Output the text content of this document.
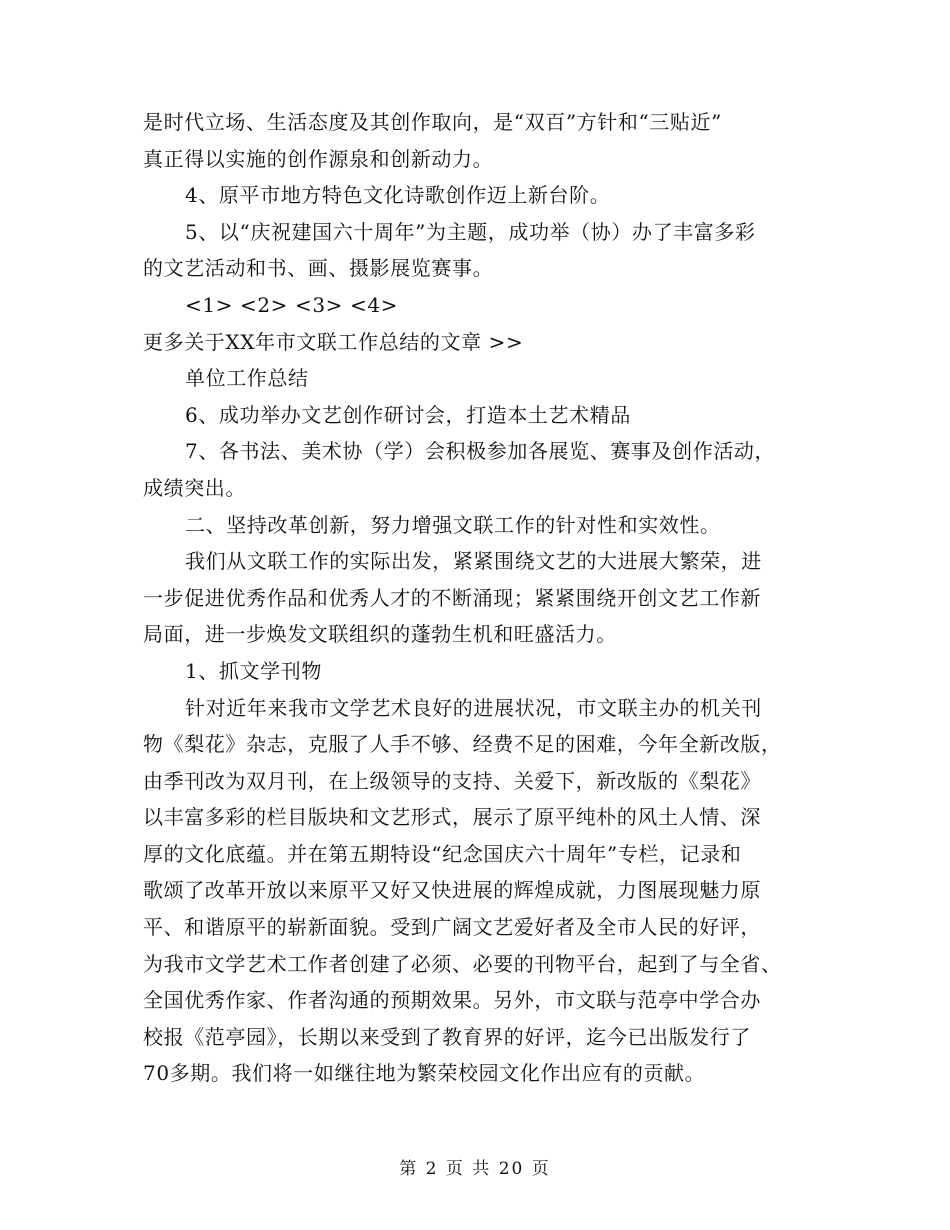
是时代立场、生活态度及其创作取向，是“双百”方针和“三贴近”
真正得以实施的创作源泉和创新动力。
4、原平市地方特色文化诗歌创作迈上新台阶。
5、以“庆祝建国六十周年”为主题，成功举（协）办了丰富多彩
的文艺活动和书、画、摄影展览赛事。
<1> <2> <3> <4>
更多关于XX年市文联工作总结的文章 >>
单位工作总结
6、成功举办文艺创作研讨会，打造本土艺术精品
7、各书法、美术协（学）会积极参加各展览、赛事及创作活动，
成绩突出。
二、坚持改革创新，努力增强文联工作的针对性和实效性。
我们从文联工作的实际出发，紧紧围绕文艺的大进展大繁荣，进
一步促进优秀作品和优秀人才的不断涌现；紧紧围绕开创文艺工作新
局面，进一步焕发文联组织的蓬勃生机和旺盛活力。
1、抓文学刊物
针对近年来我市文学艺术良好的进展状况，市文联主办的机关刊
物《梨花》杂志，克服了人手不够、经费不足的困难，今年全新改版，
由季刊改为双月刊，在上级领导的支持、关爱下，新改版的《梨花》
以丰富多彩的栏目版块和文艺形式，展示了原平纯朴的风土人情、深
厚的文化底蕴。并在第五期特设“纪念国庆六十周年”专栏，记录和
歌颂了改革开放以来原平又好又快进展的辉煌成就，力图展现魅力原
平、和谐原平的崭新面貌。受到广阔文艺爱好者及全市人民的好评，
为我市文学艺术工作者创建了必须、必要的刊物平台，起到了与全省、
全国优秀作家、作者沟通的预期效果。另外，市文联与范亭中学合办
校报《范亭园》，长期以来受到了教育界的好评，迄今已出版发行了
70多期。我们将一如继往地为繁荣校园文化作出应有的贡献。
第 2 页 共 20 页
